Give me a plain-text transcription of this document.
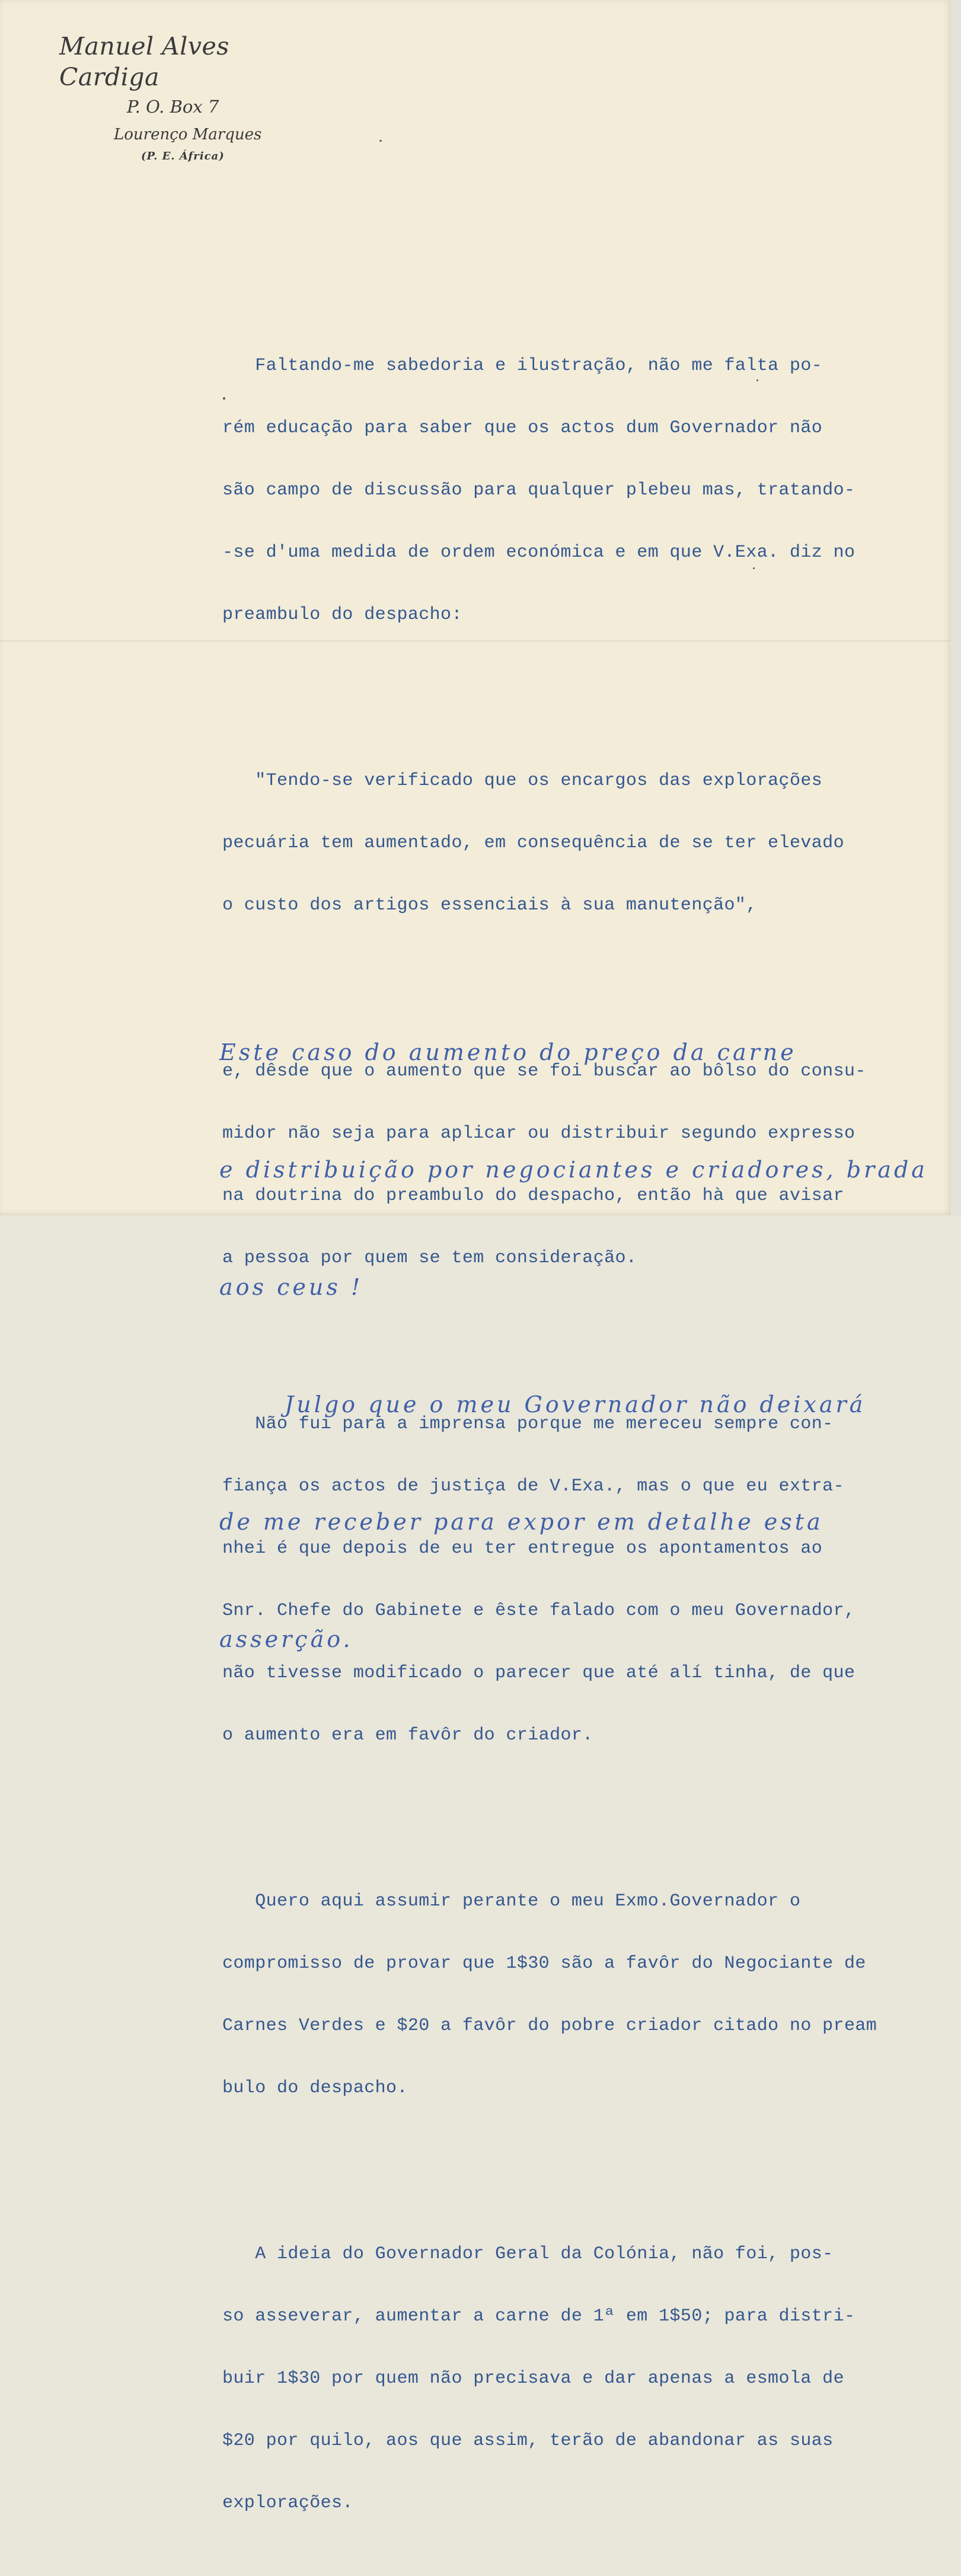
Manuel Alves Cardiga
P. O. Box 7
Lourenço Marques
(P. E. África)

Faltando-me sabedoria e ilustração, não me falta po-

rém educação para saber que os actos dum Governador não

são campo de discussão para qualquer plebeu mas, tratando-

-se d'uma medida de ordem económica e em que V.Exa. diz no

preambulo do despacho:

"Tendo-se verificado que os encargos das explorações

pecuária tem aumentado, em consequência de se ter elevado

o custo dos artigos essenciais à sua manutenção",

e, dêsde que o aumento que se foi buscar ao bôlso do consu-

midor não seja para aplicar ou distribuir segundo expresso

na doutrina do preambulo do despacho, então hà que avisar

a pessoa por quem se tem consideração.

Não fui para a imprensa porque me mereceu sempre con-

fiança os actos de justiça de V.Exa., mas o que eu extra-

nhei é que depois de eu ter entregue os apontamentos ao

Snr. Chefe do Gabinete e êste falado com o meu Governador,

não tivesse modificado o parecer que até alí tinha, de que

o aumento era em favôr do criador.

Quero aqui assumir perante o meu Exmo.Governador o

compromisso de provar que 1$30 são a favôr do Negociante de

Carnes Verdes e $20 a favôr do pobre criador citado no pream

bulo do despacho.

A ideia do Governador Geral da Colónia, não foi, pos-

so asseverar, aumentar a carne de 1ª em 1$50; para distri-

buir 1$30 por quem não precisava e dar apenas a esmola de

$20 por quilo, aos que assim, terão de abandonar as suas

explorações.

Este caso do aumento do preço da carne

e distribuição por negociantes e criadores, brada

aos ceus !

Julgo que o meu Governador não deixará

de me receber para expor em detalhe esta

asserção.
